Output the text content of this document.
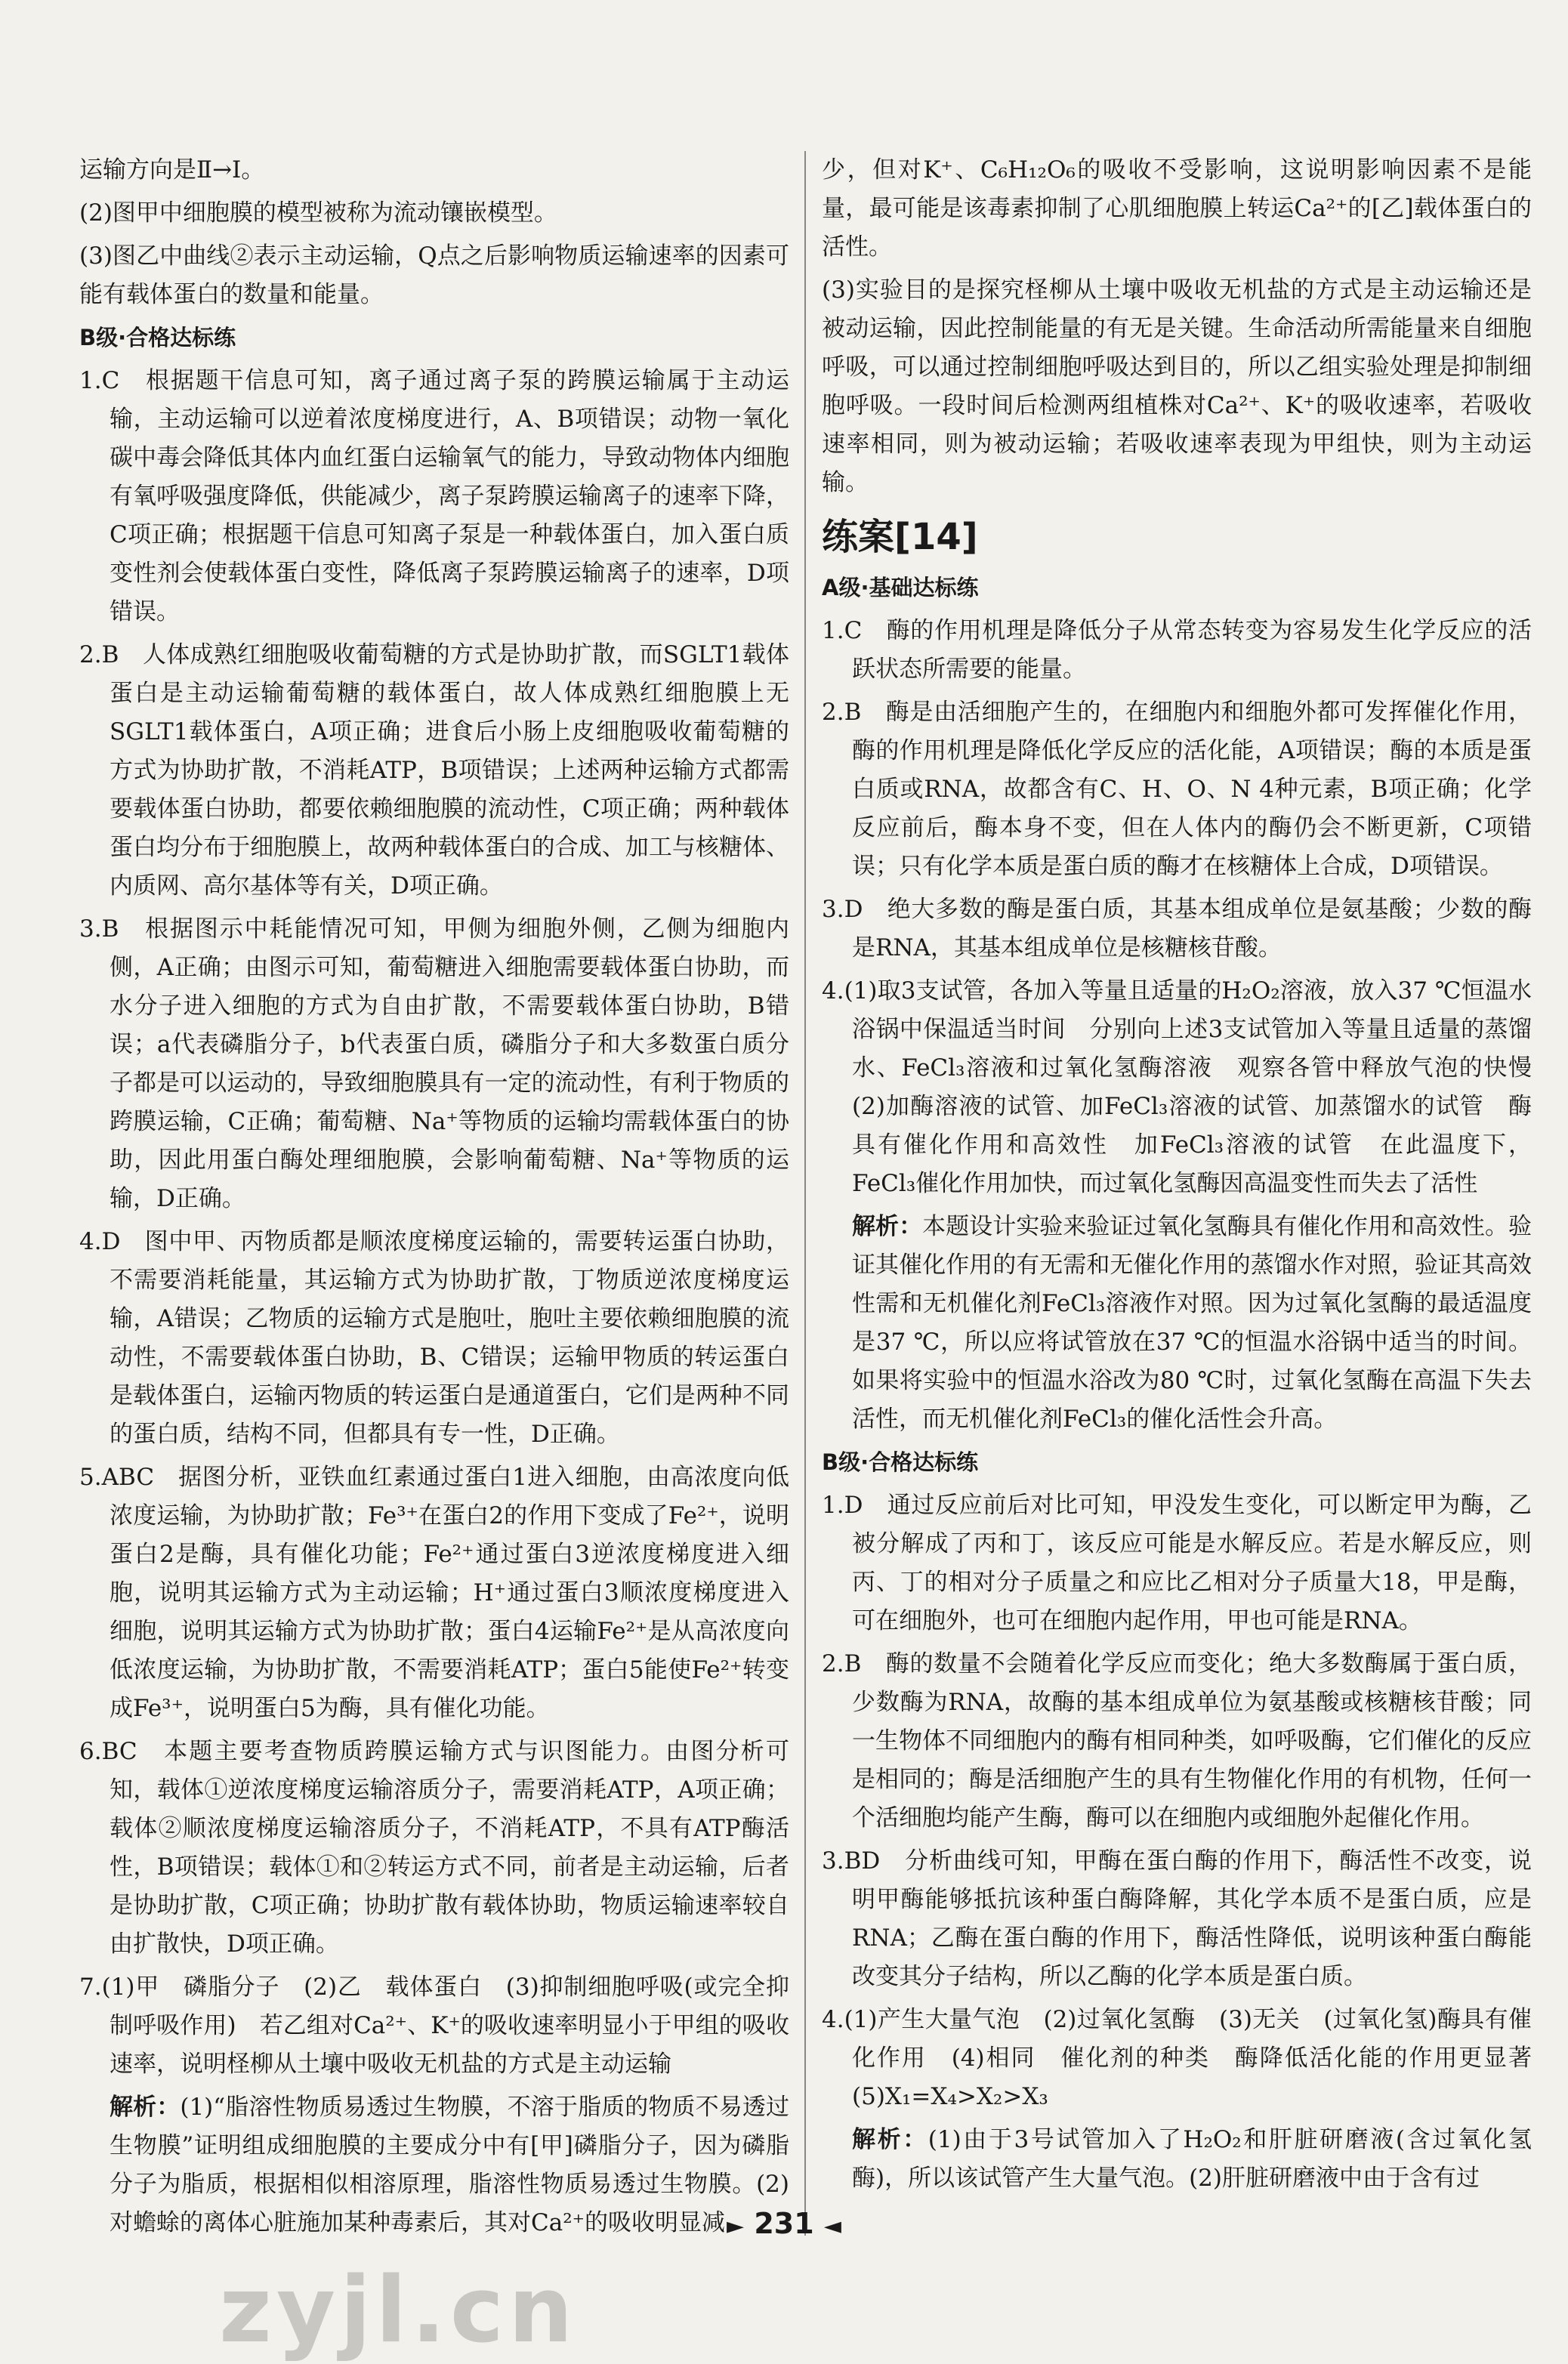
运输方向是Ⅱ→Ⅰ。

(2)图甲中细胞膜的模型被称为流动镶嵌模型。

(3)图乙中曲线②表示主动运输，Q点之后影响物质运输速率的因素可能有载体蛋白的数量和能量。

B级·合格达标练

1.C　根据题干信息可知，离子通过离子泵的跨膜运输属于主动运输，主动运输可以逆着浓度梯度进行，A、B项错误；动物一氧化碳中毒会降低其体内血红蛋白运输氧气的能力，导致动物体内细胞有氧呼吸强度降低，供能减少，离子泵跨膜运输离子的速率下降，C项正确；根据题干信息可知离子泵是一种载体蛋白，加入蛋白质变性剂会使载体蛋白变性，降低离子泵跨膜运输离子的速率，D项错误。

2.B　人体成熟红细胞吸收葡萄糖的方式是协助扩散，而SGLT1载体蛋白是主动运输葡萄糖的载体蛋白，故人体成熟红细胞膜上无SGLT1载体蛋白，A项正确；进食后小肠上皮细胞吸收葡萄糖的方式为协助扩散，不消耗ATP，B项错误；上述两种运输方式都需要载体蛋白协助，都要依赖细胞膜的流动性，C项正确；两种载体蛋白均分布于细胞膜上，故两种载体蛋白的合成、加工与核糖体、内质网、高尔基体等有关，D项正确。

3.B　根据图示中耗能情况可知，甲侧为细胞外侧，乙侧为细胞内侧，A正确；由图示可知，葡萄糖进入细胞需要载体蛋白协助，而水分子进入细胞的方式为自由扩散，不需要载体蛋白协助，B错误；a代表磷脂分子，b代表蛋白质，磷脂分子和大多数蛋白质分子都是可以运动的，导致细胞膜具有一定的流动性，有利于物质的跨膜运输，C正确；葡萄糖、Na⁺等物质的运输均需载体蛋白的协助，因此用蛋白酶处理细胞膜，会影响葡萄糖、Na⁺等物质的运输，D正确。

4.D　图中甲、丙物质都是顺浓度梯度运输的，需要转运蛋白协助，不需要消耗能量，其运输方式为协助扩散，丁物质逆浓度梯度运输，A错误；乙物质的运输方式是胞吐，胞吐主要依赖细胞膜的流动性，不需要载体蛋白协助，B、C错误；运输甲物质的转运蛋白是载体蛋白，运输丙物质的转运蛋白是通道蛋白，它们是两种不同的蛋白质，结构不同，但都具有专一性，D正确。

5.ABC　据图分析，亚铁血红素通过蛋白1进入细胞，由高浓度向低浓度运输，为协助扩散；Fe³⁺在蛋白2的作用下变成了Fe²⁺，说明蛋白2是酶，具有催化功能；Fe²⁺通过蛋白3逆浓度梯度进入细胞，说明其运输方式为主动运输；H⁺通过蛋白3顺浓度梯度进入细胞，说明其运输方式为协助扩散；蛋白4运输Fe²⁺是从高浓度向低浓度运输，为协助扩散，不需要消耗ATP；蛋白5能使Fe²⁺转变成Fe³⁺，说明蛋白5为酶，具有催化功能。

6.BC　本题主要考查物质跨膜运输方式与识图能力。由图分析可知，载体①逆浓度梯度运输溶质分子，需要消耗ATP，A项正确；载体②顺浓度梯度运输溶质分子，不消耗ATP，不具有ATP酶活性，B项错误；载体①和②转运方式不同，前者是主动运输，后者是协助扩散，C项正确；协助扩散有载体协助，物质运输速率较自由扩散快，D项正确。

7.(1)甲　磷脂分子　(2)乙　载体蛋白　(3)抑制细胞呼吸(或完全抑制呼吸作用)　若乙组对Ca²⁺、K⁺的吸收速率明显小于甲组的吸收速率，说明柽柳从土壤中吸收无机盐的方式是主动运输

解析：(1)“脂溶性物质易透过生物膜，不溶于脂质的物质不易透过生物膜”证明组成细胞膜的主要成分中有[甲]磷脂分子，因为磷脂分子为脂质，根据相似相溶原理，脂溶性物质易透过生物膜。(2)对蟾蜍的离体心脏施加某种毒素后，其对Ca²⁺的吸收明显减

少，但对K⁺、C₆H₁₂O₆的吸收不受影响，这说明影响因素不是能量，最可能是该毒素抑制了心肌细胞膜上转运Ca²⁺的[乙]载体蛋白的活性。

(3)实验目的是探究柽柳从土壤中吸收无机盐的方式是主动运输还是被动运输，因此控制能量的有无是关键。生命活动所需能量来自细胞呼吸，可以通过控制细胞呼吸达到目的，所以乙组实验处理是抑制细胞呼吸。一段时间后检测两组植株对Ca²⁺、K⁺的吸收速率，若吸收速率相同，则为被动运输；若吸收速率表现为甲组快，则为主动运输。

练案[14]
A级·基础达标练

1.C　酶的作用机理是降低分子从常态转变为容易发生化学反应的活跃状态所需要的能量。

2.B　酶是由活细胞产生的，在细胞内和细胞外都可发挥催化作用，酶的作用机理是降低化学反应的活化能，A项错误；酶的本质是蛋白质或RNA，故都含有C、H、O、N 4种元素，B项正确；化学反应前后，酶本身不变，但在人体内的酶仍会不断更新，C项错误；只有化学本质是蛋白质的酶才在核糖体上合成，D项错误。

3.D　绝大多数的酶是蛋白质，其基本组成单位是氨基酸；少数的酶是RNA，其基本组成单位是核糖核苷酸。

4.(1)取3支试管，各加入等量且适量的H₂O₂溶液，放入37 ℃恒温水浴锅中保温适当时间　分别向上述3支试管加入等量且适量的蒸馏水、FeCl₃溶液和过氧化氢酶溶液　观察各管中释放气泡的快慢　(2)加酶溶液的试管、加FeCl₃溶液的试管、加蒸馏水的试管　酶具有催化作用和高效性　加FeCl₃溶液的试管　在此温度下，FeCl₃催化作用加快，而过氧化氢酶因高温变性而失去了活性

解析：本题设计实验来验证过氧化氢酶具有催化作用和高效性。验证其催化作用的有无需和无催化作用的蒸馏水作对照，验证其高效性需和无机催化剂FeCl₃溶液作对照。因为过氧化氢酶的最适温度是37 ℃，所以应将试管放在37 ℃的恒温水浴锅中适当的时间。如果将实验中的恒温水浴改为80 ℃时，过氧化氢酶在高温下失去活性，而无机催化剂FeCl₃的催化活性会升高。

B级·合格达标练

1.D　通过反应前后对比可知，甲没发生变化，可以断定甲为酶，乙被分解成了丙和丁，该反应可能是水解反应。若是水解反应，则丙、丁的相对分子质量之和应比乙相对分子质量大18，甲是酶，可在细胞外，也可在细胞内起作用，甲也可能是RNA。

2.B　酶的数量不会随着化学反应而变化；绝大多数酶属于蛋白质，少数酶为RNA，故酶的基本组成单位为氨基酸或核糖核苷酸；同一生物体不同细胞内的酶有相同种类，如呼吸酶，它们催化的反应是相同的；酶是活细胞产生的具有生物催化作用的有机物，任何一个活细胞均能产生酶，酶可以在细胞内或细胞外起催化作用。

3.BD　分析曲线可知，甲酶在蛋白酶的作用下，酶活性不改变，说明甲酶能够抵抗该种蛋白酶降解，其化学本质不是蛋白质，应是RNA；乙酶在蛋白酶的作用下，酶活性降低，说明该种蛋白酶能改变其分子结构，所以乙酶的化学本质是蛋白质。

4.(1)产生大量气泡　(2)过氧化氢酶　(3)无关　(过氧化氢)酶具有催化作用　(4)相同　催化剂的种类　酶降低活化能的作用更显著　(5)X₁=X₄>X₂>X₃

解析：(1)由于3号试管加入了H₂O₂和肝脏研磨液(含过氧化氢酶)，所以该试管产生大量气泡。(2)肝脏研磨液中由于含有过

► 231 ◄
zyjl.cn
